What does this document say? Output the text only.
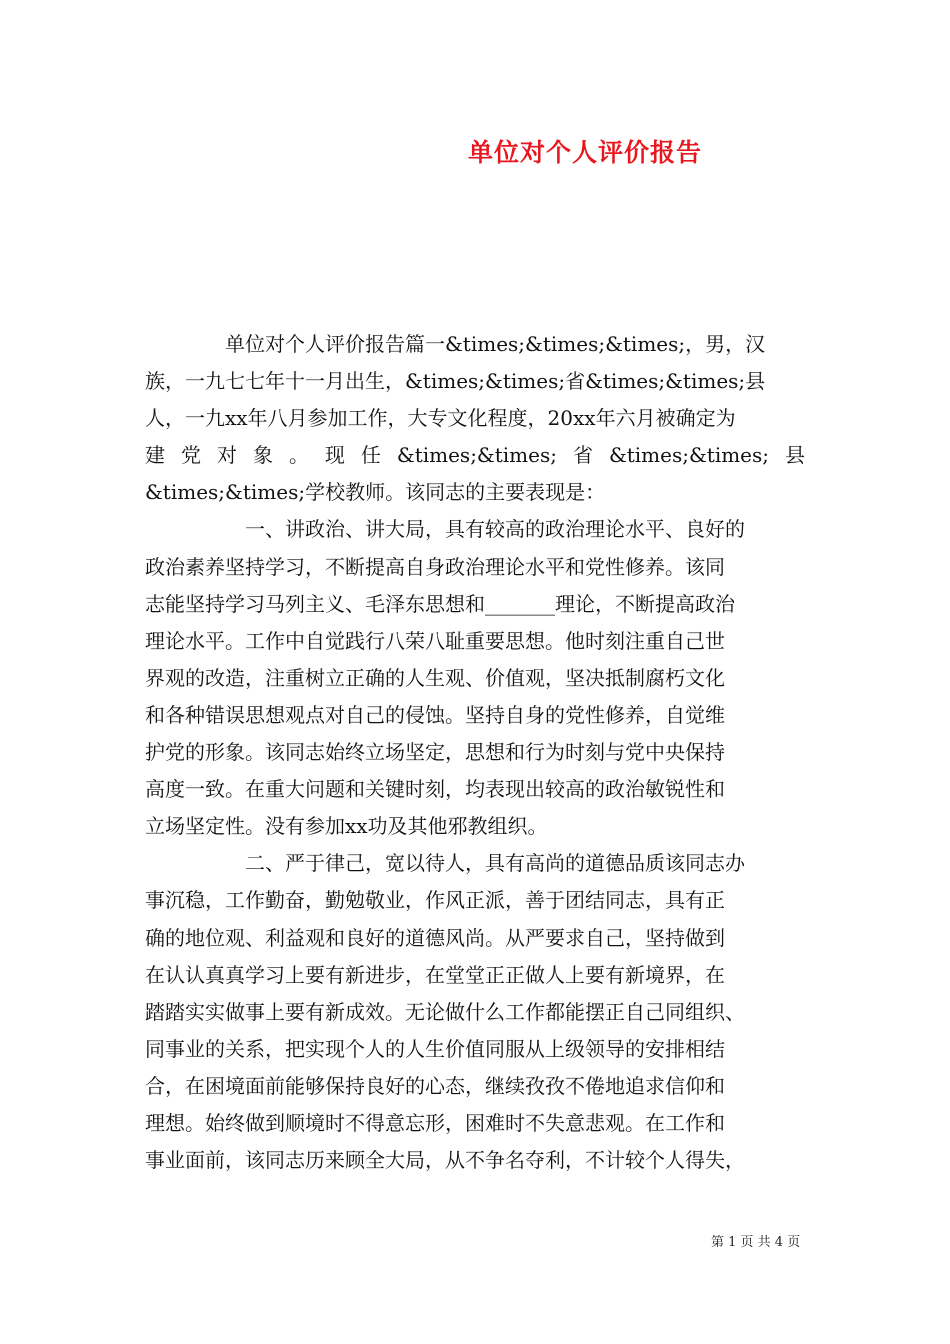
单位对个人评价报告
　　　　单位对个人评价报告篇一&times;&times;&times;，男，汉
族，一九七七年十一月出生，&times;&times;省&times;&times;县
人，一九xx年八月参加工作，大专文化程度，20xx年六月被确定为
建 党 对 象 。 现 任 &times;&times; 省 &times;&times; 县
&times;&times;学校教师。该同志的主要表现是：
　　　　　一、讲政治、讲大局，具有较高的政治理论水平、良好的
政治素养坚持学习，不断提高自身政治理论水平和党性修养。该同
志能坚持学习马列主义、毛泽东思想和_______理论，不断提高政治
理论水平。工作中自觉践行八荣八耻重要思想。他时刻注重自己世
界观的改造，注重树立正确的人生观、价值观，坚决抵制腐朽文化
和各种错误思想观点对自己的侵蚀。坚持自身的党性修养，自觉维
护党的形象。该同志始终立场坚定，思想和行为时刻与党中央保持
高度一致。在重大问题和关键时刻，均表现出较高的政治敏锐性和
立场坚定性。没有参加xx功及其他邪教组织。
　　　　　二、严于律己，宽以待人，具有高尚的道德品质该同志办
事沉稳，工作勤奋，勤勉敬业，作风正派，善于团结同志，具有正
确的地位观、利益观和良好的道德风尚。从严要求自己，坚持做到
在认认真真学习上要有新进步，在堂堂正正做人上要有新境界，在
踏踏实实做事上要有新成效。无论做什么工作都能摆正自己同组织、
同事业的关系，把实现个人的人生价值同服从上级领导的安排相结
合，在困境面前能够保持良好的心态，继续孜孜不倦地追求信仰和
理想。始终做到顺境时不得意忘形，困难时不失意悲观。在工作和
事业面前，该同志历来顾全大局，从不争名夺利，不计较个人得失，
第 1 页 共 4 页
